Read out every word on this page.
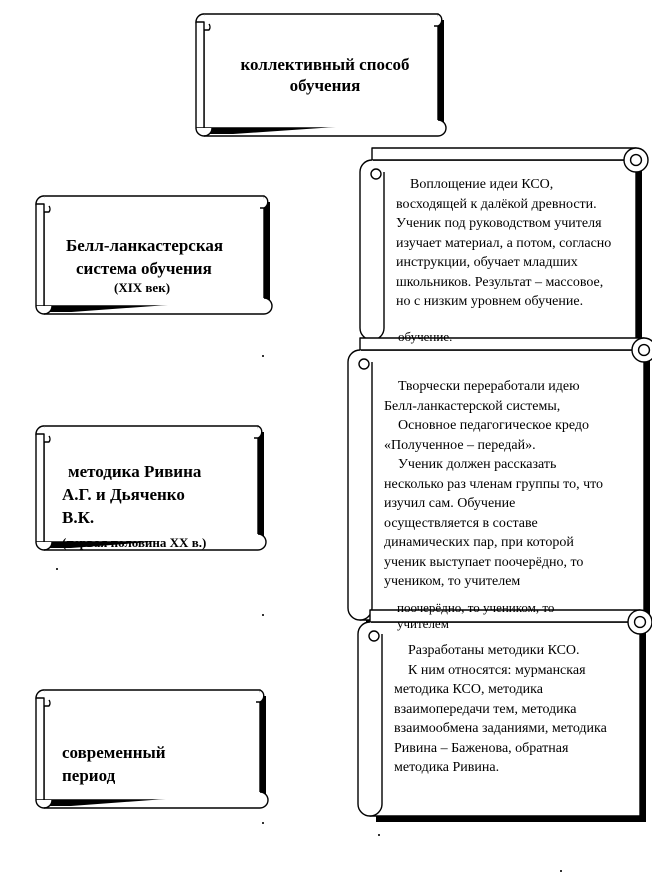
коллективный способ
обучения
Белл-ланкастерская
система обучения
(XIX век)

Воплощение идеи КСО, восходящей к далёкой древности. Ученик под руководством учителя изучает материал, а потом, согласно инструкции, обучает младших школьников. Результат – массовое, но с низким уровнем обучение.

обучение.
методика Ривина
А.Г. и Дьяченко
В.К.
(первая половина XX в.)

Творчески переработали идею Белл-ланкастерской системы,

Основное педагогическое кредо «Полученное – передай».

Ученик должен рассказать несколько раз членам группы то, что изучил сам. Обучение осуществляется в составе динамических пар, при которой ученик выступает поочерёдно, то учеником, то учителем

поочерёдно, то учеником, то
учителем
современный
период

Разработаны методики КСО.

К ним относятся: мурманская методика КСО, методика взаимопередачи тем, методика взаимообмена заданиями, методика Ривина – Баженова, обратная методика Ривина.
